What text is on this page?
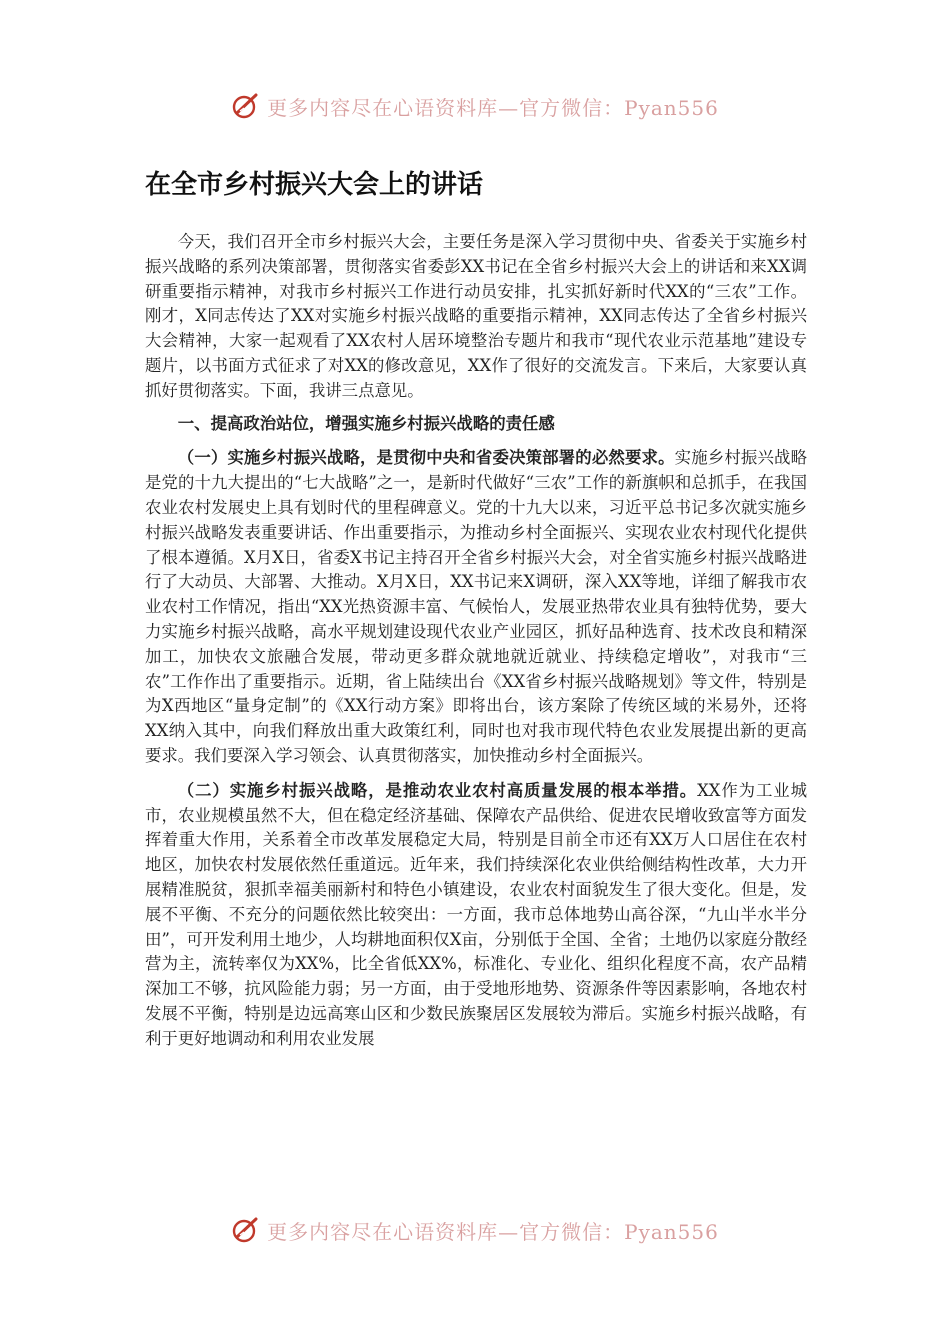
更多内容尽在心语资料库—官方微信：Pyan556
在全市乡村振兴大会上的讲话

今天，我们召开全市乡村振兴大会，主要任务是深入学习贯彻中央、省委关于实施乡村振兴战略的系列决策部署，贯彻落实省委彭XX书记在全省乡村振兴大会上的讲话和来XX调研重要指示精神，对我市乡村振兴工作进行动员安排，扎实抓好新时代XX的“三农”工作。刚才，X同志传达了XX对实施乡村振兴战略的重要指示精神，XX同志传达了全省乡村振兴大会精神，大家一起观看了XX农村人居环境整治专题片和我市“现代农业示范基地”建设专题片，以书面方式征求了对XX的修改意见，XX作了很好的交流发言。下来后，大家要认真抓好贯彻落实。下面，我讲三点意见。

一、提高政治站位，增强实施乡村振兴战略的责任感

（一）实施乡村振兴战略，是贯彻中央和省委决策部署的必然要求。实施乡村振兴战略是党的十九大提出的“七大战略”之一，是新时代做好“三农”工作的新旗帜和总抓手，在我国农业农村发展史上具有划时代的里程碑意义。党的十九大以来，习近平总书记多次就实施乡村振兴战略发表重要讲话、作出重要指示，为推动乡村全面振兴、实现农业农村现代化提供了根本遵循。X月X日，省委X书记主持召开全省乡村振兴大会，对全省实施乡村振兴战略进行了大动员、大部署、大推动。X月X日，XX书记来X调研，深入XX等地，详细了解我市农业农村工作情况，指出“XX光热资源丰富、气候怡人，发展亚热带农业具有独特优势，要大力实施乡村振兴战略，高水平规划建设现代农业产业园区，抓好品种选育、技术改良和精深加工，加快农文旅融合发展，带动更多群众就地就近就业、持续稳定增收”，对我市“三农”工作作出了重要指示。近期，省上陆续出台《XX省乡村振兴战略规划》等文件，特别是为X西地区“量身定制”的《XX行动方案》即将出台，该方案除了传统区域的米易外，还将XX纳入其中，向我们释放出重大政策红利，同时也对我市现代特色农业发展提出新的更高要求。我们要深入学习领会、认真贯彻落实，加快推动乡村全面振兴。

（二）实施乡村振兴战略，是推动农业农村高质量发展的根本举措。XX作为工业城市，农业规模虽然不大，但在稳定经济基础、保障农产品供给、促进农民增收致富等方面发挥着重大作用，关系着全市改革发展稳定大局，特别是目前全市还有XX万人口居住在农村地区，加快农村发展依然任重道远。近年来，我们持续深化农业供给侧结构性改革，大力开展精准脱贫，狠抓幸福美丽新村和特色小镇建设，农业农村面貌发生了很大变化。但是，发展不平衡、不充分的问题依然比较突出：一方面，我市总体地势山高谷深，“九山半水半分田”，可开发利用土地少，人均耕地面积仅X亩，分别低于全国、全省；土地仍以家庭分散经营为主，流转率仅为XX%，比全省低XX%，标准化、专业化、组织化程度不高，农产品精深加工不够，抗风险能力弱；另一方面，由于受地形地势、资源条件等因素影响，各地农村发展不平衡，特别是边远高寒山区和少数民族聚居区发展较为滞后。实施乡村振兴战略，有利于更好地调动和利用农业发展

更多内容尽在心语资料库—官方微信：Pyan556
